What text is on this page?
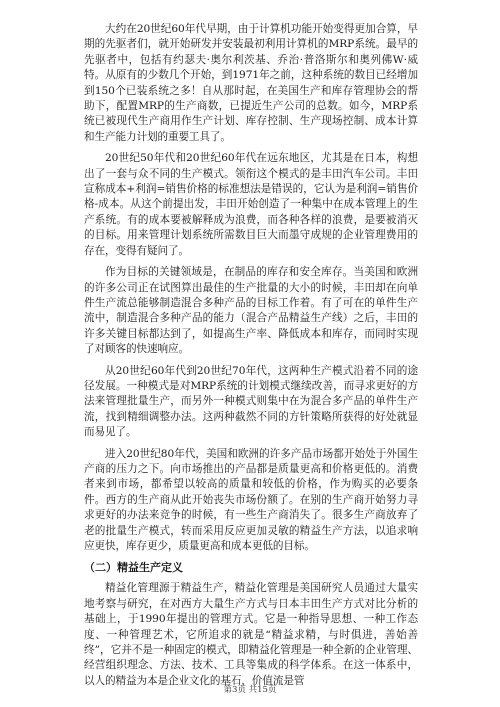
大约在20世纪60年代早期，由于计算机功能开始变得更加合算，早期的先驱者们，就开始研发并安装最初利用计算机的MRP系统。最早的先驱者中，包括有约瑟夫·奥尔利茨基、乔治·普洛斯尔和奥列佛W·威特。从原有的少数几个开始，到1971年之前，这种系统的数目已经增加到150个已装系统之多！自从那时起，在美国生产和库存管理协会的帮助下，配置MRP的生产商数，已提近生产公司的总数。如今，MRP系统已被现代生产商用作生产计划、库存控制、生产现场控制、成本计算和生产能力计划的重要工具了。

20世纪50年代和20世纪60年代在远东地区，尤其是在日本，构想出了一套与众不同的生产模式。领衔这个模式的是丰田汽车公司。丰田宣称成本+利润=销售价格的标准想法是错误的，它认为是利润=销售价格-成本。从这个前提出发，丰田开始创造了一种集中在成本管理上的生产系统。有的成本要被解释成为浪费，而各种各样的浪费，是要被消灭的目标。用来管理计划系统所需数目巨大而墨守成规的企业管理费用的存在，变得有疑问了。

作为目标的关键领域是，在制品的库存和安全库存。当美国和欧洲的许多公司正在试图算出最佳的生产批量的大小的时候，丰田却在向单件生产流总能够制造混合多种产品的目标工作着。有了可在的单件生产流中，制造混合多种产品的能力（混合产品精益生产线）之后，丰田的许多关键目标都达到了，如提高生产率、降低成本和库存，而同时实现了对顾客的快速响应。

从20世纪60年代到20世纪70年代，这两种生产模式沿着不同的途径发展。一种模式是对MRP系统的计划模式继续改善，而寻求更好的方法来管理批量生产，而另外一种模式则集中在为混合多产品的单件生产流，找到精细调整办法。这两种截然不同的方针策略所获得的好处就显而易见了。

进入20世纪80年代，美国和欧洲的许多产品市场都开始处于外国生产商的压力之下。向市场推出的产品都是质量更高和价格更低的。消费者来到市场，都希望以较高的质量和较低的价格，作为购买的必要条件。西方的生产商从此开始丧失市场份额了。在别的生产商开始努力寻求更好的办法来竞争的时候，有一些生产商消失了。很多生产商放弃了老的批量生产模式，转而采用反应更加灵敏的精益生产方法，以追求响应更快，库存更少，质量更高和成本更低的目标。

（二）精益生产定义

精益化管理源于精益生产，精益化管理是美国研究人员通过大量实地考察与研究，在对西方大量生产方式与日本丰田生产方式对比分析的基础上，于1990年提出的管理方式。它是一种指导思想、一种工作态度、一种管理艺术，它所追求的就是“精益求精，与时俱进，善始善终”，它并不是一种固定的模式，即精益化管理是一种全新的企业管理、经营组织理念、方法、技术、工具等集成的科学体系。在这一体系中，以人的精益为本是企业文化的基石，价值流是管

第3页 共15页
